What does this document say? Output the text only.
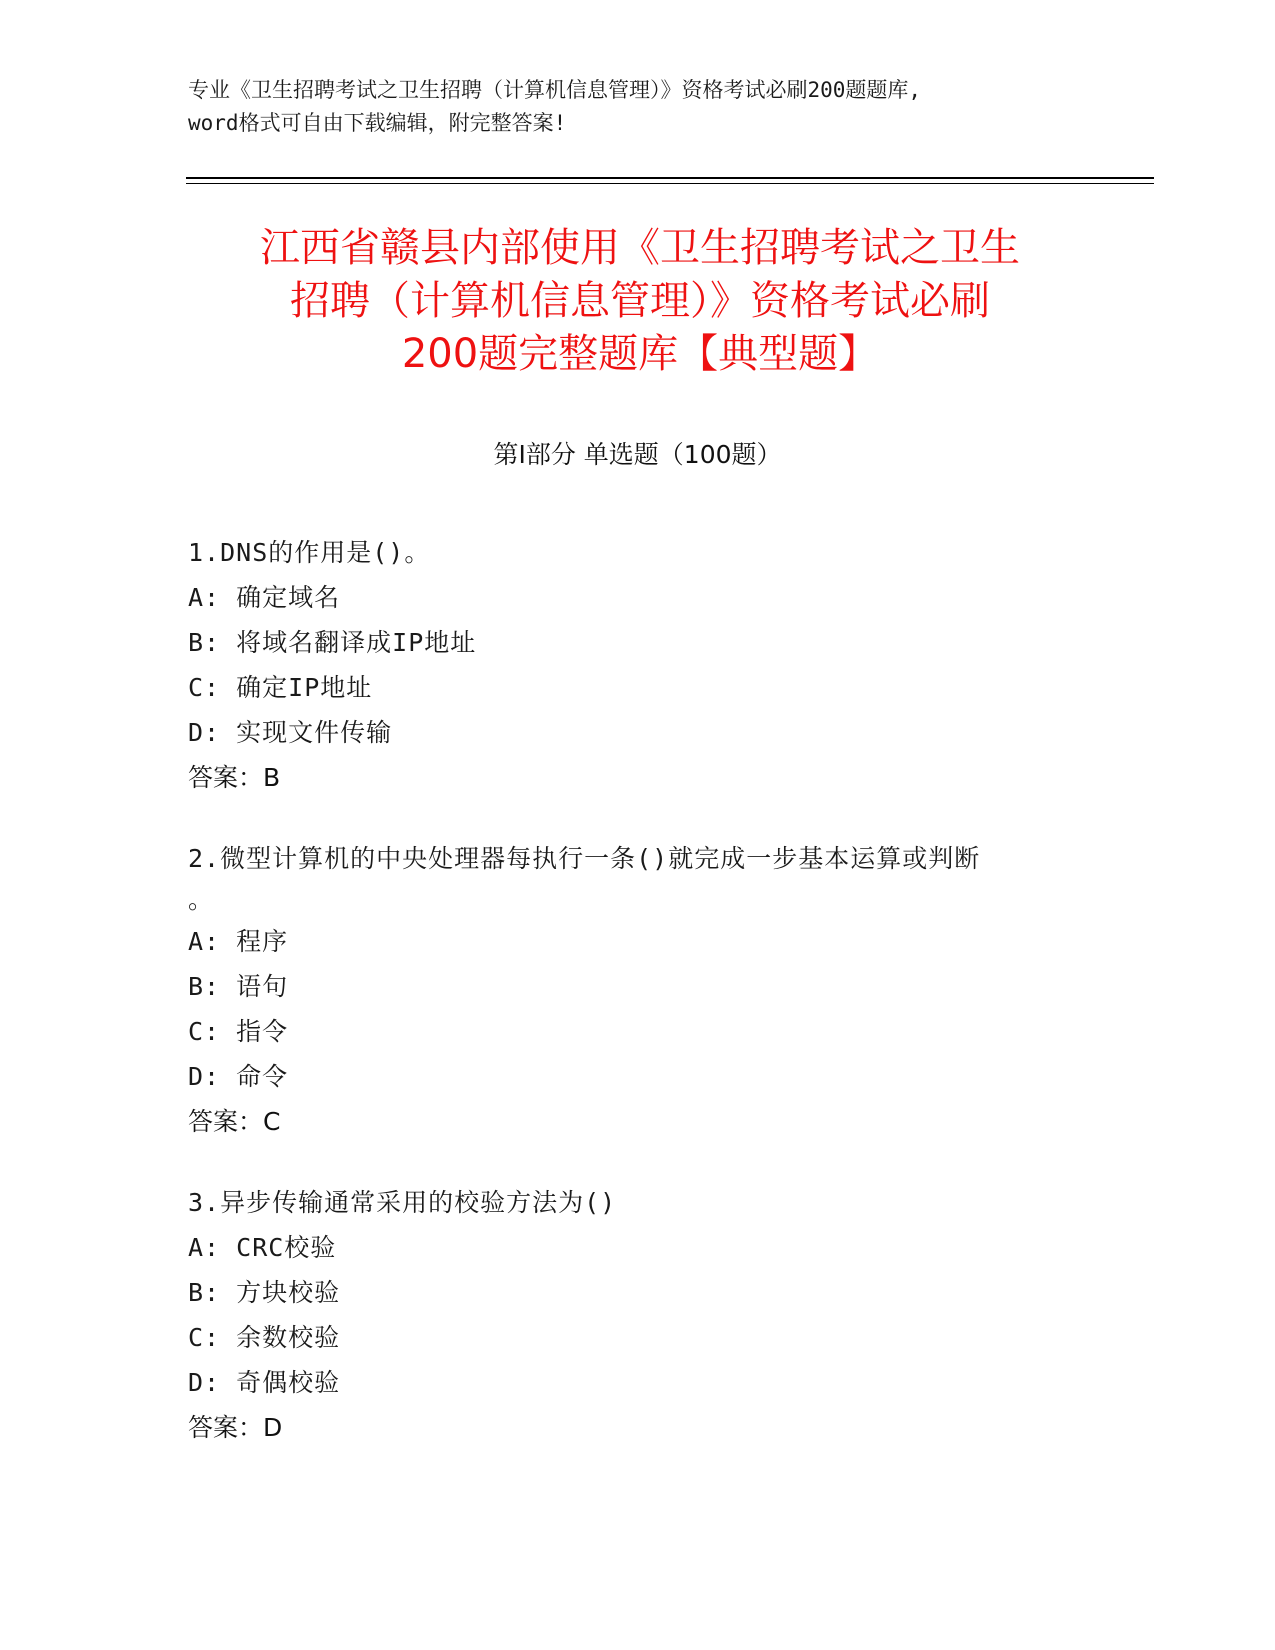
专业《卫生招聘考试之卫生招聘（计算机信息管理）》资格考试必刷200题题库,
word格式可自由下载编辑，附完整答案!
江西省赣县内部使用《卫生招聘考试之卫生
招聘（计算机信息管理）》资格考试必刷
200题完整题库【典型题】
第Ⅰ部分 单选题（100题）
1.DNS的作用是()。
A: 确定域名
B: 将域名翻译成IP地址
C: 确定IP地址
D: 实现文件传输
答案：B
2.微型计算机的中央处理器每执行一条()就完成一步基本运算或判断
。
A: 程序
B: 语句
C: 指令
D: 命令
答案：C
3.异步传输通常采用的校验方法为()
A: CRC校验
B: 方块校验
C: 余数校验
D: 奇偶校验
答案：D
